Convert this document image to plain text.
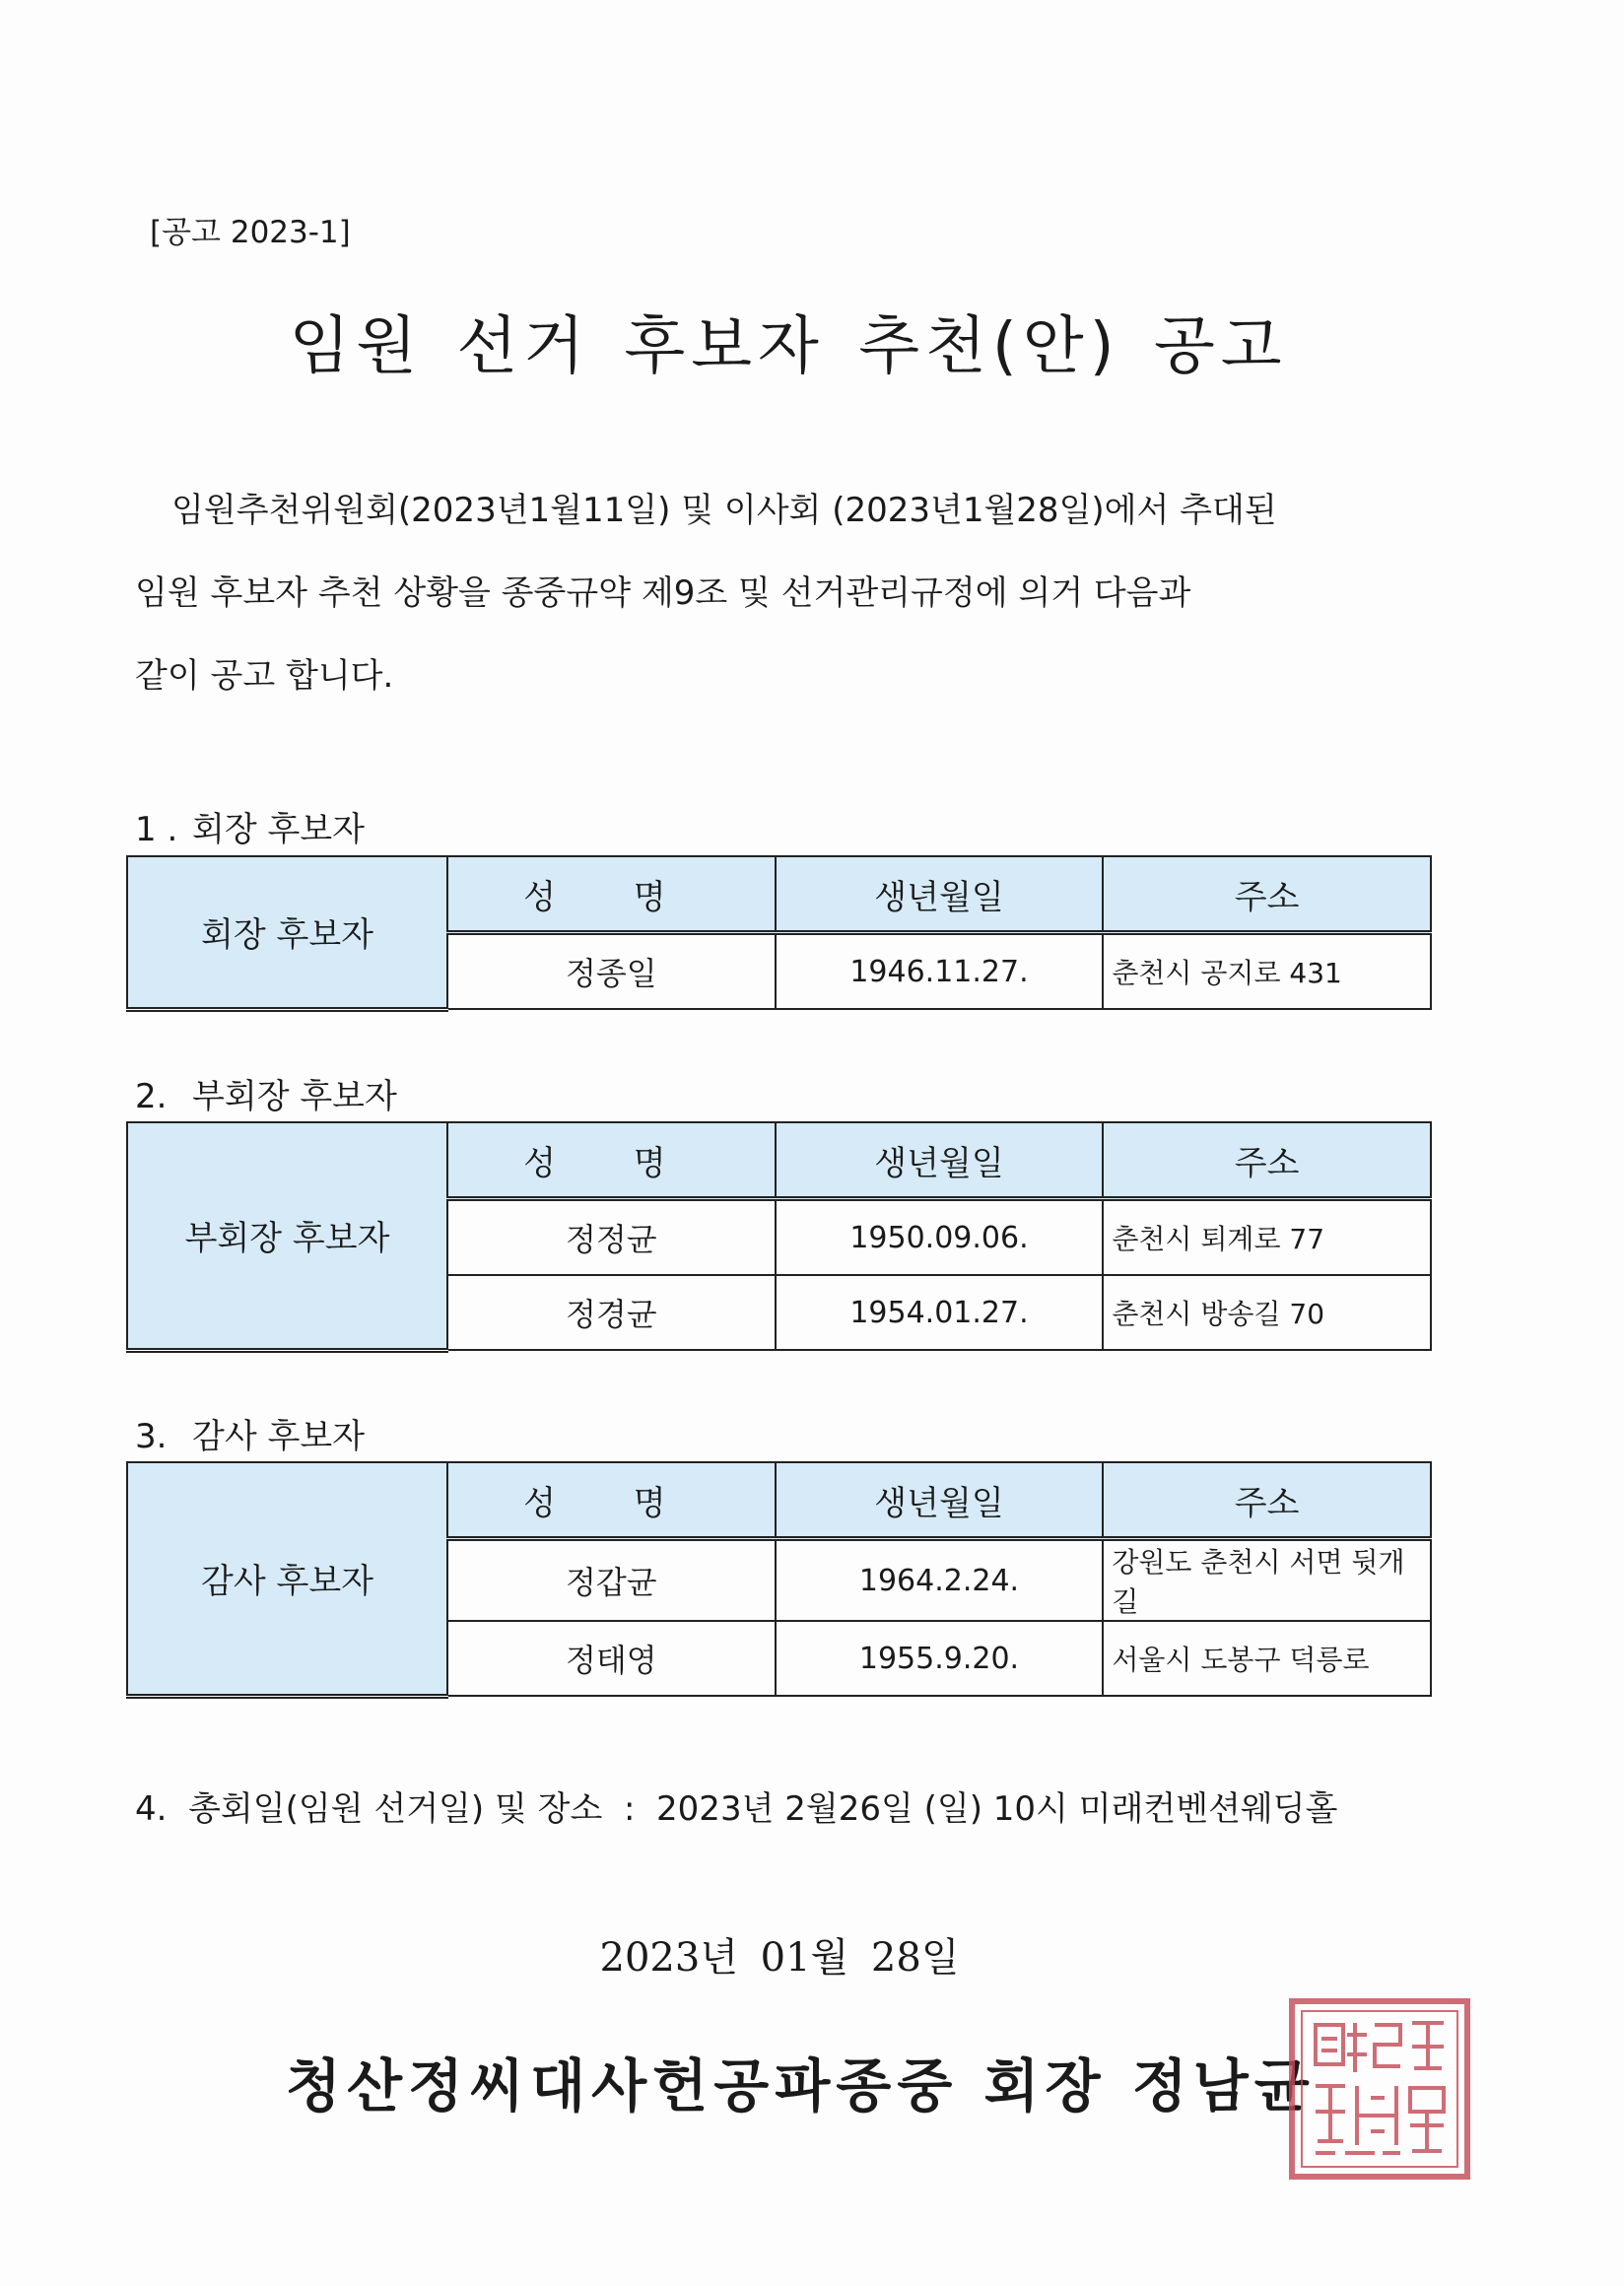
[공고 2023-1]
임원 선거 후보자 추천(안) 공고

임원추천위원회(2023년1월11일) 및 이사회 (2023년1월28일)에서 추대된

임원 후보자 추천 상황을 종중규약 제9조 및 선거관리규정에 의거 다음과

같이 공고 합니다.

1 . 회장 후보자
회장 후보자	성 명	생년월일	주소
	정종일	1946.11.27.	춘천시 공지로 431
2. 부회장 후보자
부회장 후보자	성 명	생년월일	주소
	정정균	1950.09.06.	춘천시 퇴계로 77
	정경균	1954.01.27.	춘천시 방송길 70
3. 감사 후보자
감사 후보자	성 명	생년월일	주소
	정갑균	1964.2.24.	강원도 춘천시 서면 뒷개길
	정태영	1955.9.20.	서울시 도봉구 덕릉로
4. 총회일(임원 선거일) 및 장소 : 2023년 2월26일 (일) 10시 미래컨벤션웨딩홀
2023년 01월 28일
청산정씨대사헌공파종중 회장 정남균
